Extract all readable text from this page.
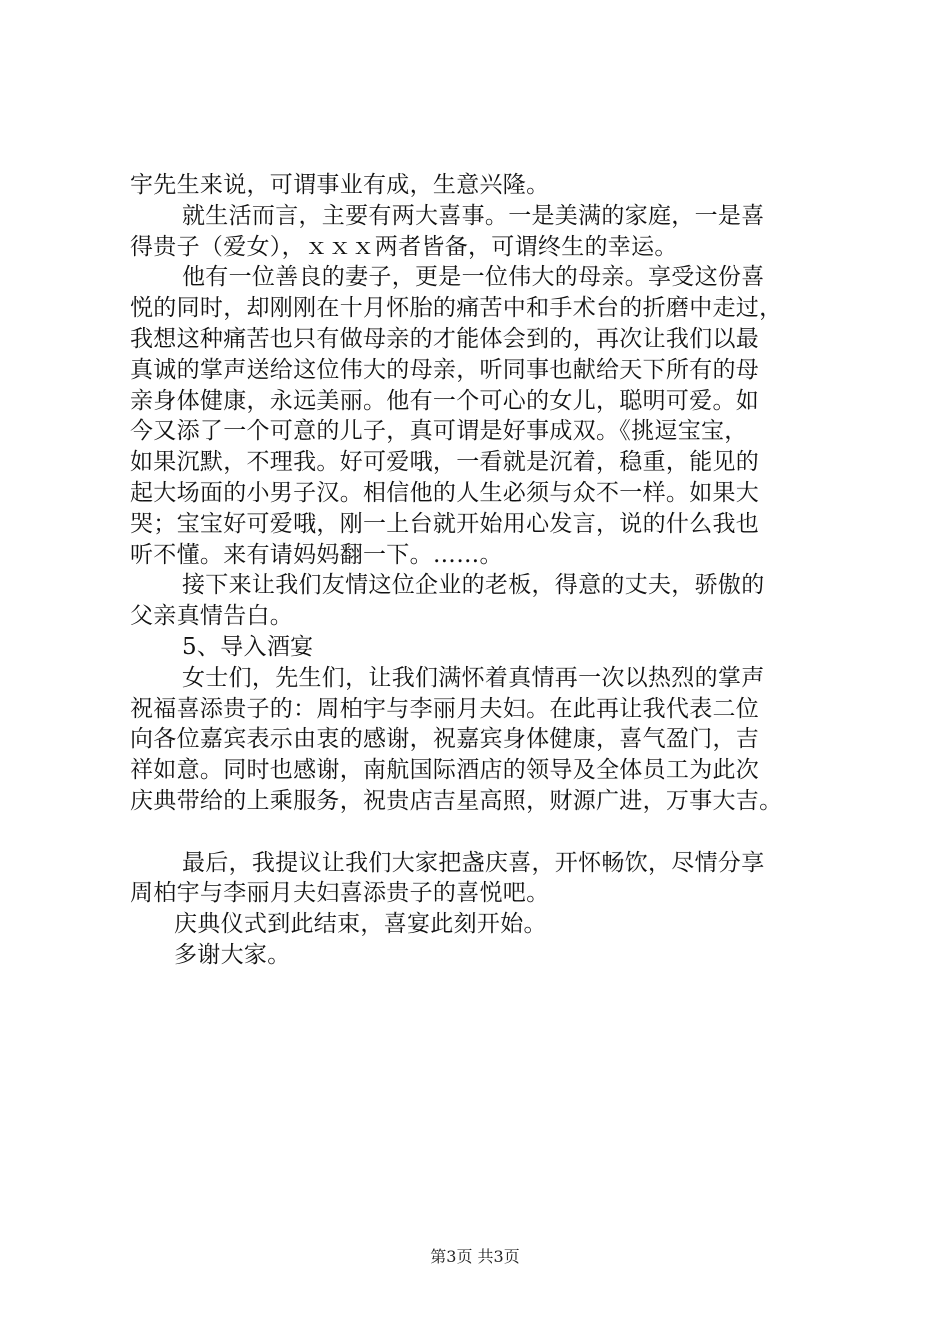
宇先生来说，可谓事业有成，生意兴隆。
就生活而言，主要有两大喜事。一是美满的家庭，一是喜
得贵子（爱女），ｘｘｘ两者皆备，可谓终生的幸运。
他有一位善良的妻子，更是一位伟大的母亲。享受这份喜
悦的同时，却刚刚在十月怀胎的痛苦中和手术台的折磨中走过，
我想这种痛苦也只有做母亲的才能体会到的，再次让我们以最
真诚的掌声送给这位伟大的母亲，听同事也献给天下所有的母
亲身体健康，永远美丽。他有一个可心的女儿，聪明可爱。如
今又添了一个可意的儿子，真可谓是好事成双。《挑逗宝宝，
如果沉默，不理我。好可爱哦，一看就是沉着，稳重，能见的
起大场面的小男子汉。相信他的人生必须与众不一样。如果大
哭；宝宝好可爱哦，刚一上台就开始用心发言，说的什么我也
听不懂。来有请妈妈翻一下。……。
接下来让我们友情这位企业的老板，得意的丈夫，骄傲的
父亲真情告白。
5、导入酒宴
女士们，先生们，让我们满怀着真情再一次以热烈的掌声
祝福喜添贵子的：周柏宇与李丽月夫妇。在此再让我代表二位
向各位嘉宾表示由衷的感谢，祝嘉宾身体健康，喜气盈门，吉
祥如意。同时也感谢，南航国际酒店的领导及全体员工为此次
庆典带给的上乘服务，祝贵店吉星高照，财源广进，万事大吉。
最后，我提议让我们大家把盏庆喜，开怀畅饮，尽情分享
周柏宇与李丽月夫妇喜添贵子的喜悦吧。
庆典仪式到此结束，喜宴此刻开始。
多谢大家。
第3页 共3页
